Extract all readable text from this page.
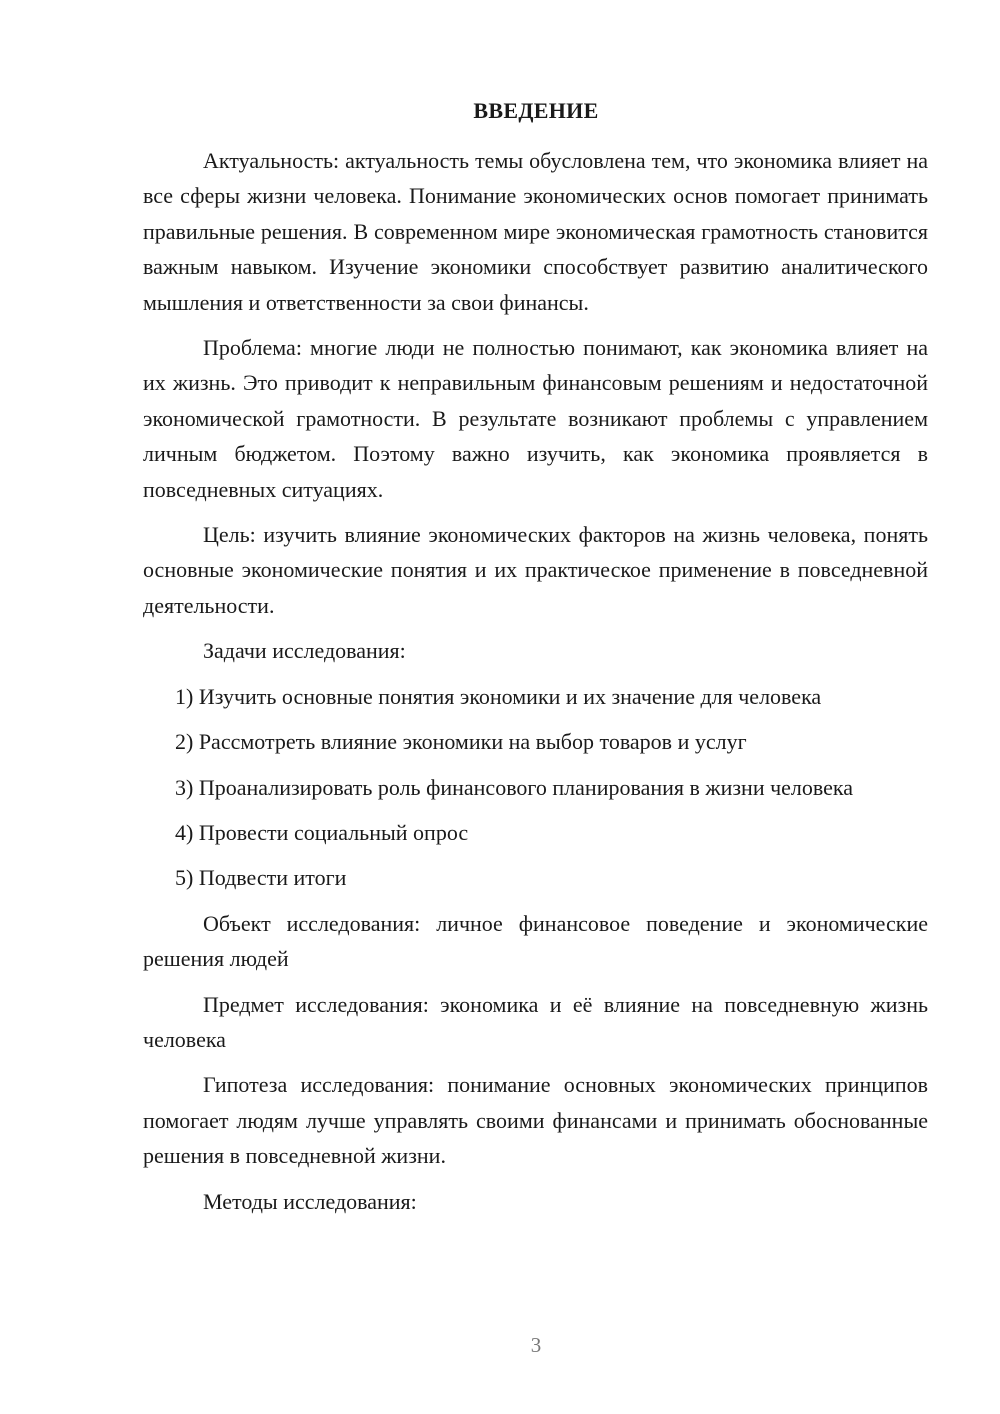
ВВЕДЕНИЕ

Актуальность: актуальность темы обусловлена тем, что экономика влияет на все сферы жизни человека. Понимание экономических основ помогает принимать правильные решения. В современном мире экономическая грамотность становится важным навыком. Изучение экономики способствует развитию аналитического мышления и ответственности за свои финансы.

Проблема: многие люди не полностью понимают, как экономика влияет на их жизнь. Это приводит к неправильным финансовым решениям и недостаточной экономической грамотности. В результате возникают проблемы с управлением личным бюджетом. Поэтому важно изучить, как экономика проявляется в повседневных ситуациях.

Цель: изучить влияние экономических факторов на жизнь человека, понять основные экономические понятия и их практическое применение в повседневной деятельности.

Задачи исследования:

1) Изучить основные понятия экономики и их значение для человека

2) Рассмотреть влияние экономики на выбор товаров и услуг

3) Проанализировать роль финансового планирования в жизни человека

4) Провести социальный опрос

5) Подвести итоги

Объект исследования: личное финансовое поведение и экономические решения людей

Предмет исследования: экономика и её влияние на повседневную жизнь человека

Гипотеза исследования: понимание основных экономических принципов помогает людям лучше управлять своими финансами и принимать обоснованные решения в повседневной жизни.

Методы исследования:

3
